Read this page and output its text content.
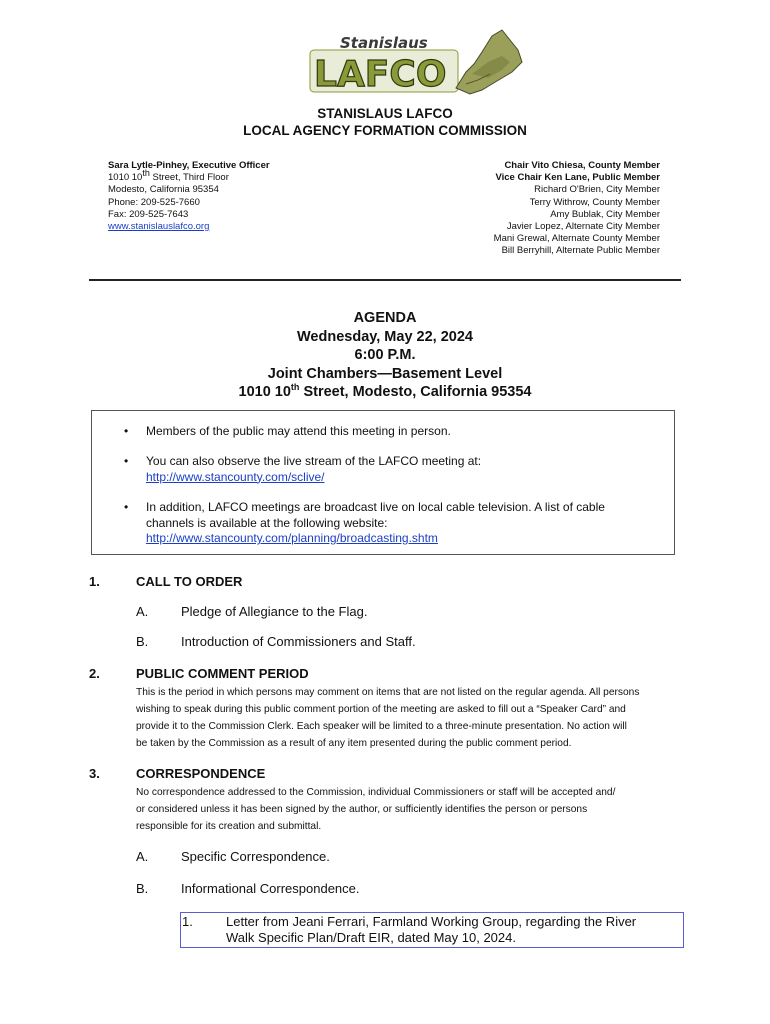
Stanislaus
LAFCO
STANISLAUS LAFCO
LOCAL AGENCY FORMATION COMMISSION
Sara Lytle-Pinhey, Executive Officer
1010 10th Street, Third Floor
Modesto, California 95354
Phone: 209-525-7660
Fax: 209-525-7643
www.stanislauslafco.org
Chair Vito Chiesa, County Member
Vice Chair Ken Lane, Public Member
Richard O'Brien, City Member
Terry Withrow, County Member
Amy Bublak, City Member
Javier Lopez, Alternate City Member
Mani Grewal, Alternate County Member
Bill Berryhill, Alternate Public Member
AGENDA
Wednesday, May 22, 2024
6:00 P.M.
Joint Chambers—Basement Level
1010 10th Street, Modesto, California 95354
• Members of the public may attend this meeting in person.
• You can also observe the live stream of the LAFCO meeting at:
http://www.stancounty.com/sclive/
• In addition, LAFCO meetings are broadcast live on local cable television. A list of cable
channels is available at the following website:
http://www.stancounty.com/planning/broadcasting.shtm
1.	CALL TO ORDER
A.	Pledge of Allegiance to the Flag.
B.	Introduction of Commissioners and Staff.
2.	PUBLIC COMMENT PERIOD
This is the period in which persons may comment on items that are not listed on the regular agenda. All persons
wishing to speak during this public comment portion of the meeting are asked to fill out a “Speaker Card” and
provide it to the Commission Clerk. Each speaker will be limited to a three-minute presentation. No action will
be taken by the Commission as a result of any item presented during the public comment period.
3.	CORRESPONDENCE
No correspondence addressed to the Commission, individual Commissioners or staff will be accepted and/
or considered unless it has been signed by the author, or sufficiently identifies the person or persons
responsible for its creation and submittal.
A.	Specific Correspondence.
B.	Informational Correspondence.
1.	Letter from Jeani Ferrari, Farmland Working Group, regarding the River
Walk Specific Plan/Draft EIR, dated May 10, 2024.
